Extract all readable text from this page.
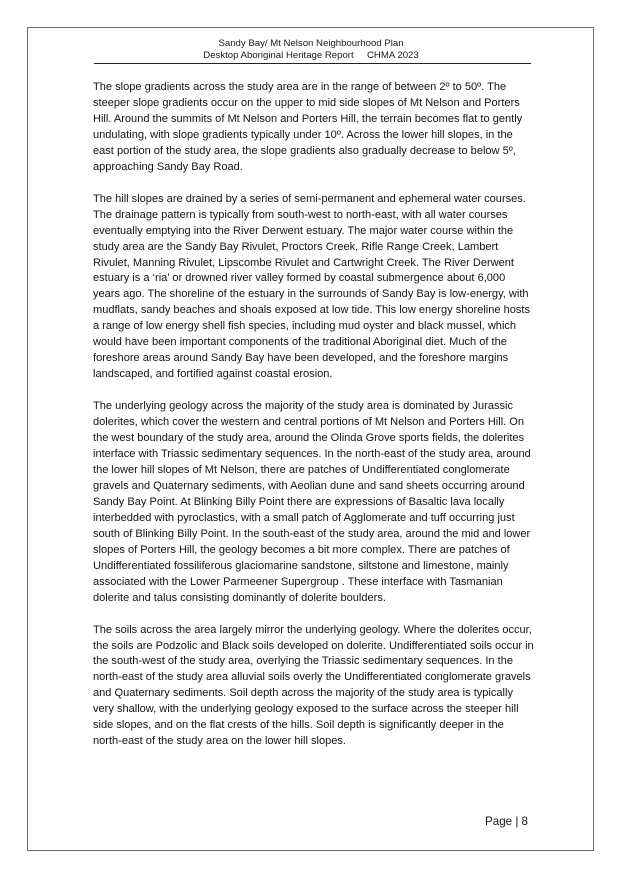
Sandy Bay/ Mt Nelson Neighbourhood Plan
Desktop Aboriginal Heritage Report     CHMA 2023

The slope gradients across the study area are in the range of between 2º to 50º. The steeper slope gradients occur on the upper to mid side slopes of Mt Nelson and Porters Hill. Around the summits of Mt Nelson and Porters Hill, the terrain becomes flat to gently undulating, with slope gradients typically under 10º. Across the lower hill slopes, in the east portion of the study area, the slope gradients also gradually decrease to below 5º, approaching Sandy Bay Road.

The hill slopes are drained by a series of semi-permanent and ephemeral water courses. The drainage pattern is typically from south-west to north-east, with all water courses eventually emptying into the River Derwent estuary. The major water course within the study area are the Sandy Bay Rivulet, Proctors Creek, Rifle Range Creek, Lambert Rivulet, Manning Rivulet, Lipscombe Rivulet and Cartwright Creek. The River Derwent estuary is a ‘ria’ or drowned river valley formed by coastal submergence about 6,000 years ago. The shoreline of the estuary in the surrounds of Sandy Bay is low-energy, with mudflats, sandy beaches and shoals exposed at low tide. This low energy shoreline hosts a range of low energy shell fish species, including mud oyster and black mussel, which would have been important components of the traditional Aboriginal diet. Much of the foreshore areas around Sandy Bay have been developed, and the foreshore margins landscaped, and fortified against coastal erosion.

The underlying geology across the majority of the study area is dominated by Jurassic dolerites, which cover the western and central portions of Mt Nelson and Porters Hill. On the west boundary of the study area, around the Olinda Grove sports fields, the dolerites interface with Triassic sedimentary sequences. In the north-east of the study area, around the lower hill slopes of Mt Nelson, there are patches of Undifferentiated conglomerate gravels and Quaternary sediments, with Aeolian dune and sand sheets occurring around Sandy Bay Point. At Blinking Billy Point there are expressions of Basaltic lava locally interbedded with pyroclastics, with a small patch of Agglomerate and tuff occurring just south of Blinking Billy Point. In the south-east of the study area, around the mid and lower slopes of Porters Hill, the geology becomes a bit more complex. There are patches of Undifferentiated fossiliferous glaciomarine sandstone, siltstone and limestone, mainly associated with the Lower Parmeener Supergroup . These interface with Tasmanian dolerite and talus consisting dominantly of dolerite boulders.

The soils across the area largely mirror the underlying geology. Where the dolerites occur, the soils are Podzolic and Black soils developed on dolerite. Undifferentiated soils occur in the south-west of the study area, overlying the Triassic sedimentary sequences. In the north-east of the study area alluvial soils overly the Undifferentiated conglomerate gravels and Quaternary sediments. Soil depth across the majority of the study area is typically very shallow, with the underlying geology exposed to the surface across the steeper hill side slopes, and on the flat crests of the hills. Soil depth is significantly deeper in the north-east of the study area on the lower hill slopes.

Page | 8
